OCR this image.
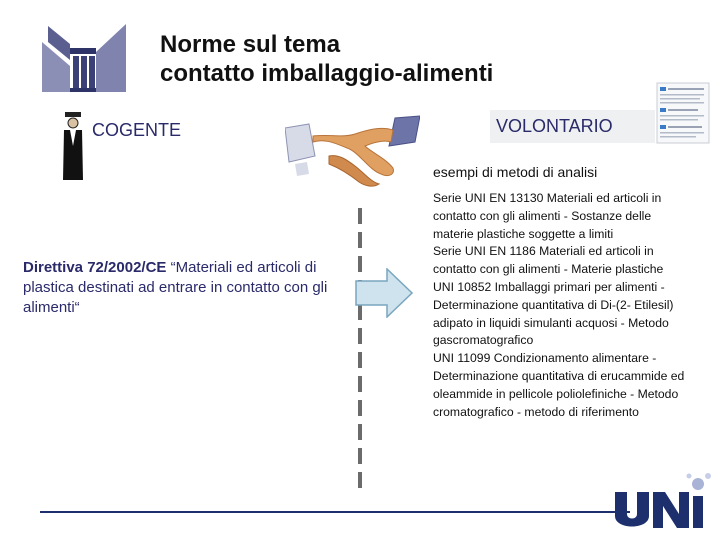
Norme sul tema
contatto imballaggio-alimenti
COGENTE	VOLONTARIO
Direttiva 72/2002/CE “Materiali ed articoli di plastica destinati ad entrare in contatto con gli alimenti“
esempi di metodi di analisi
Serie UNI EN 13130 Materiali ed articoli in contatto con gli alimenti - Sostanze delle materie plastiche soggette a limiti
Serie UNI EN 1186 Materiali ed articoli in contatto con gli alimenti - Materie plastiche
UNI 10852 Imballaggi primari per alimenti - Determinazione quantitativa di Di-(2- Etilesil) adipato in liquidi simulanti acquosi - Metodo gascromatografico
UNI 11099 Condizionamento alimentare - Determinazione quantitativa di erucammide ed oleammide in pellicole poliolefiniche - Metodo cromatografico - metodo di riferimento
